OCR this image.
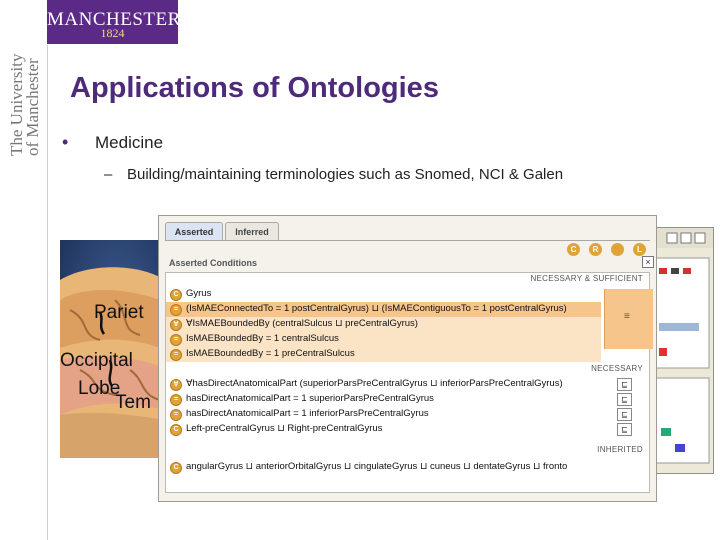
MANCHESTER
1824
The University
of Manchester Applications of Ontologies
• Medicine
– Building/maintaining terminologies such as Snomed, NCI & Galen
Pariet
Occipital
Lobe
Tem
Asserted	Inferred
Asserted Conditions
C	R	L
×
NECESSARY & SUFFICIENT
≡
C Gyrus
= (IsMAEConnectedTo = 1 postCentralGyrus) ⊔ (IsMAEContiguousTo = 1 postCentralGyrus)
∀ ∀IsMAEBoundedBy (centralSulcus ⊔ preCentralGyrus)
= IsMAEBoundedBy = 1 centralSulcus
= IsMAEBoundedBy = 1 preCentralSulcus
NECESSARY
∀ ∀hasDirectAnatomicalPart (superiorParsPreCentralGyrus ⊔ inferiorParsPreCentralGyrus)	⊑
= hasDirectAnatomicalPart = 1 superiorParsPreCentralGyrus	⊑
= hasDirectAnatomicalPart = 1 inferiorParsPreCentralGyrus	⊑
C Left-preCentralGyrus ⊔ Right-preCentralGyrus	⊑
INHERITED
C angularGyrus ⊔ anteriorOrbitalGyrus ⊔ cingulateGyrus ⊔ cuneus ⊔ dentateGyrus ⊔ fronto
